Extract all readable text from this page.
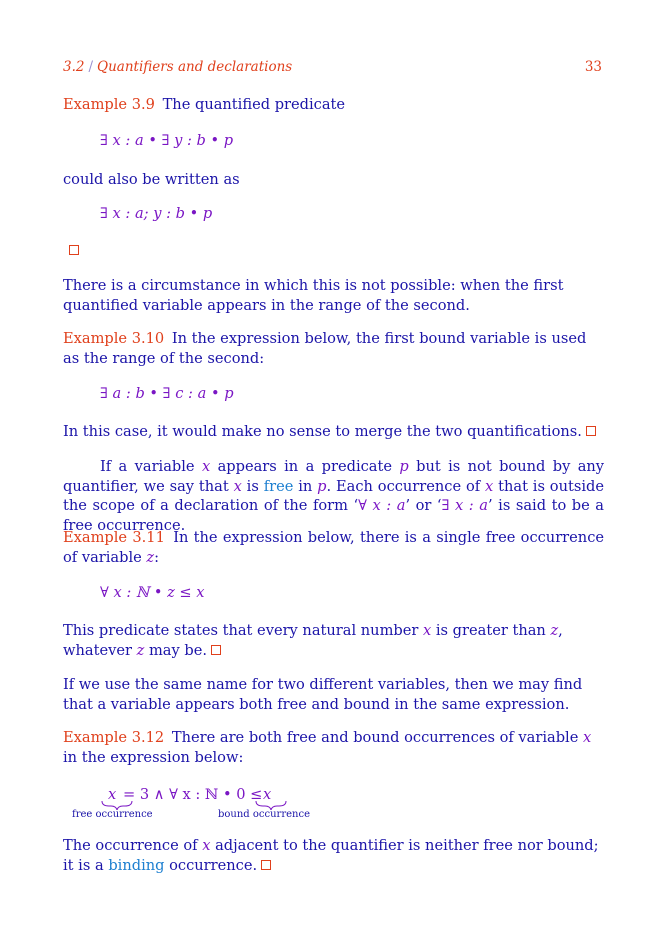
3.2 / Quantifiers and declarations	33
Example 3.9 The quantified predicate
∃ x : a • ∃ y : b • p
could also be written as
∃ x : a; y : b • p
There is a circumstance in which this is not possible: when the first quantified variable appears in the range of the second.
Example 3.10 In the expression below, the first bound variable is used as the range of the second:
∃ a : b • ∃ c : a • p
In this case, it would make no sense to merge the two quantifications.
If a variable x appears in a predicate p but is not bound by any quantifier, we say that x is free in p. Each occurrence of x that is outside the scope of a declaration of the form ‘∀ x : a’ or ‘∃ x : a’ is said to be a free occurrence.
Example 3.11 In the expression below, there is a single free occurrence of variable z:
∀ x : ℕ • z ≤ x
This predicate states that every natural number x is greater than z, whatever z may be.
If we use the same name for two different variables, then we may find that a variable appears both free and bound in the same expression.
Example 3.12 There are both free and bound occurrences of variable x in the expression below:
x = 3 ∧ ∀ x : ℕ • 0 ≤ x
free occurrence	bound occurrence
The occurrence of x adjacent to the quantifier is neither free nor bound; it is a binding occurrence.
